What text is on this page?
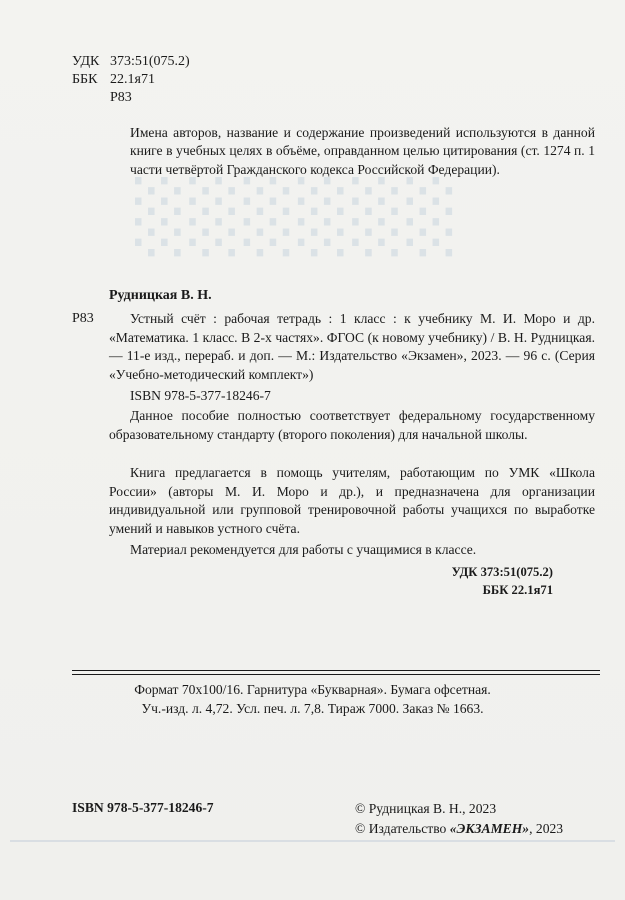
░░░░░░
УДК 373:51(075.2)
ББК 22.1я71
Р83
Имена авторов, название и содержание произведений используются в данной книге в учебных целях в объёме, оправданном целью цитирования (ст. 1274 п. 1 части четвёртой Гражданского кодекса Российской Федерации).
Рудницкая В. Н.
Р83	Устный счёт : рабочая тетрадь : 1 класс : к учебнику М. И. Моро и др. «Математика. 1 класс. В 2-х частях». ФГОС (к новому учебнику) / В. Н. Рудницкая. — 11-е изд., перераб. и доп. — М.: Издательство «Экзамен», 2023. — 96 с. (Серия «Учебно-методический комплект»)
ISBN 978-5-377-18246-7
Данное пособие полностью соответствует федеральному государственному образовательному стандарту (второго поколения) для начальной школы.
Книга предлагается в помощь учителям, работающим по УМК «Школа России» (авторы М. И. Моро и др.), и предназначена для организации индивидуальной или групповой тренировочной работы учащихся по выработке умений и навыков устного счёта.
Материал рекомендуется для работы с учащимися в классе.
УДК 373:51(075.2)
ББК 22.1я71
Формат 70x100/16. Гарнитура «Букварная». Бумага офсетная.
Уч.-изд. л. 4,72. Усл. печ. л. 7,8. Тираж 7000. Заказ № 1663.
ISBN 978-5-377-18246-7	© Рудницкая В. Н., 2023
© Издательство «ЭКЗАМЕН», 2023
